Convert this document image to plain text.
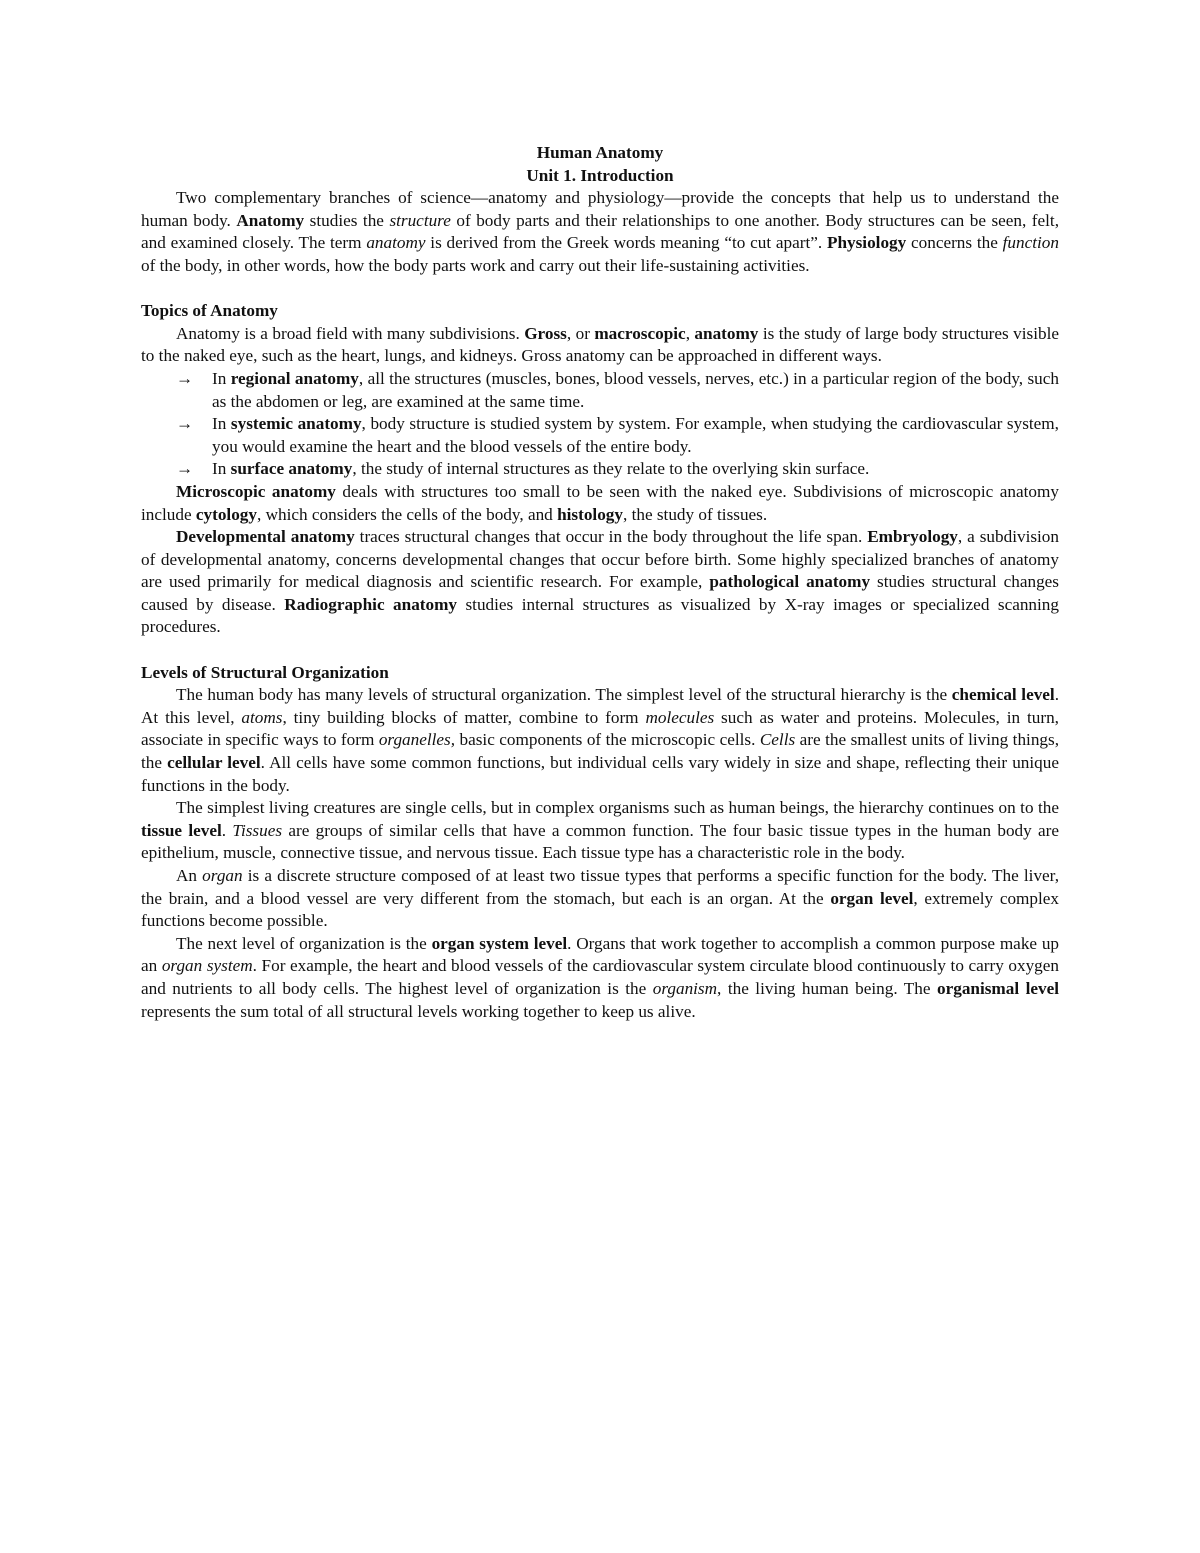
Human Anatomy
Unit 1. Introduction

Two complementary branches of science—anatomy and physiology—provide the concepts that help us to understand the human body. Anatomy studies the structure of body parts and their relationships to one another. Body structures can be seen, felt, and examined closely. The term anatomy is derived from the Greek words meaning “to cut apart”. Physiology concerns the function of the body, in other words, how the body parts work and carry out their life-sustaining activities.

Topics of Anatomy

Anatomy is a broad field with many subdivisions. Gross, or macroscopic, anatomy is the study of large body structures visible to the naked eye, such as the heart, lungs, and kidneys. Gross anatomy can be approached in different ways.

→ In regional anatomy, all the structures (muscles, bones, blood vessels, nerves, etc.) in a particular region of the body, such as the abdomen or leg, are examined at the same time.
→ In systemic anatomy, body structure is studied system by system. For example, when studying the cardiovascular system, you would examine the heart and the blood vessels of the entire body.
→ In surface anatomy, the study of internal structures as they relate to the overlying skin surface.

Microscopic anatomy deals with structures too small to be seen with the naked eye. Subdivisions of microscopic anatomy include cytology, which considers the cells of the body, and histology, the study of tissues.

Developmental anatomy traces structural changes that occur in the body throughout the life span. Embryology, a subdivision of developmental anatomy, concerns developmental changes that occur before birth. Some highly specialized branches of anatomy are used primarily for medical diagnosis and scientific research. For example, pathological anatomy studies structural changes caused by disease. Radiographic anatomy studies internal structures as visualized by X-ray images or specialized scanning procedures.

Levels of Structural Organization

The human body has many levels of structural organization. The simplest level of the structural hierarchy is the chemical level. At this level, atoms, tiny building blocks of matter, combine to form molecules such as water and proteins. Molecules, in turn, associate in specific ways to form organelles, basic components of the microscopic cells. Cells are the smallest units of living things, the cellular level. All cells have some common functions, but individual cells vary widely in size and shape, reflecting their unique functions in the body.

The simplest living creatures are single cells, but in complex organisms such as human beings, the hierarchy continues on to the tissue level. Tissues are groups of similar cells that have a common function. The four basic tissue types in the human body are epithelium, muscle, connective tissue, and nervous tissue. Each tissue type has a characteristic role in the body.

An organ is a discrete structure composed of at least two tissue types that performs a specific function for the body. The liver, the brain, and a blood vessel are very different from the stomach, but each is an organ. At the organ level, extremely complex functions become possible.

The next level of organization is the organ system level. Organs that work together to accomplish a common purpose make up an organ system. For example, the heart and blood vessels of the cardiovascular system circulate blood continuously to carry oxygen and nutrients to all body cells. The highest level of organization is the organism, the living human being. The organismal level represents the sum total of all structural levels working together to keep us alive.
